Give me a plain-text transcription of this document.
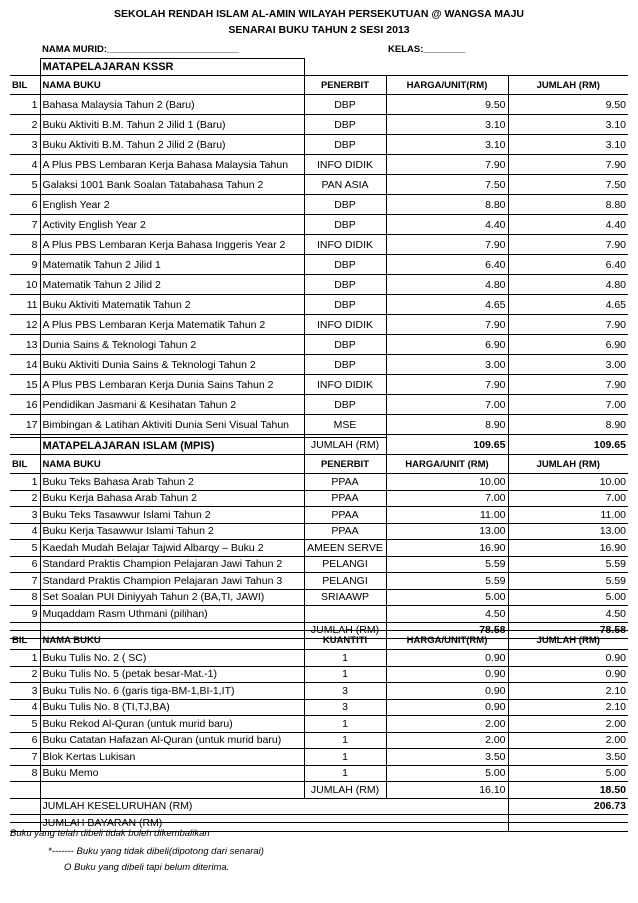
SEKOLAH RENDAH ISLAM AL-AMIN WILAYAH PERSEKUTUAN @ WANGSA MAJU
SENARAI BUKU TAHUN 2 SESI 2013
	NAMA MURID:_________________________		KELAS:________	
	MATAPELAJARAN KSSR			
BIL	NAMA BUKU	PENERBIT	HARGA/UNIT(RM)	JUMLAH (RM)
1	Bahasa Malaysia Tahun 2 (Baru)	DBP	9.50	9.50
2	Buku Aktiviti B.M. Tahun 2 Jilid 1 (Baru)	DBP	3.10	3.10
3	Buku Aktiviti B.M. Tahun 2 Jilid 2 (Baru)	DBP	3.10	3.10
4	A Plus PBS Lembaran Kerja Bahasa Malaysia Tahun	INFO DIDIK	7.90	7.90
5	Galaksi 1001 Bank Soalan Tatabahasa Tahun 2	PAN ASIA	7.50	7.50
6	English Year 2	DBP	8.80	8.80
7	Activity English Year 2	DBP	4.40	4.40
8	A Plus PBS Lembaran Kerja Bahasa Inggeris Year 2	INFO DIDIK	7.90	7.90
9	Matematik Tahun 2 Jilid 1	DBP	6.40	6.40
10	Matematik Tahun 2 Jilid 2	DBP	4.80	4.80
11	Buku Aktiviti Matematik Tahun 2	DBP	4.65	4.65
12	A Plus PBS Lembaran Kerja Matematik Tahun 2	INFO DIDIK	7.90	7.90
13	Dunia Sains & Teknologi Tahun 2	DBP	6.90	6.90
14	Buku Aktiviti Dunia Sains & Teknologi Tahun 2	DBP	3.00	3.00
15	A Plus PBS Lembaran Kerja Dunia Sains Tahun 2	INFO DIDIK	7.90	7.90
16	Pendidikan Jasmani & Kesihatan Tahun 2	DBP	7.00	7.00
17	Bimbingan & Latihan Aktiviti Dunia Seni Visual Tahun	MSE	8.90	8.90
		JUMLAH (RM)	109.65	109.65
	MATAPELAJARAN ISLAM (MPIS)			
BIL	NAMA BUKU	PENERBIT	HARGA/UNIT (RM)	JUMLAH (RM)
1	Buku Teks Bahasa Arab Tahun 2	PPAA	10.00	10.00
2	Buku Kerja Bahasa Arab Tahun 2	PPAA	7.00	7.00
3	Buku Teks Tasawwur Islami Tahun 2	PPAA	11.00	11.00
4	Buku Kerja Tasawwur Islami Tahun 2	PPAA	13.00	13.00
5	Kaedah Mudah Belajar Tajwid Albarqy – Buku 2	AMEEN SERVE	16.90	16.90
6	Standard Praktis Champion Pelajaran Jawi Tahun 2	PELANGI	5.59	5.59
7	Standard Praktis Champion Pelajaran Jawi Tahun 3	PELANGI	5.59	5.59
8	Set Soalan PUI Diniyyah Tahun 2 (BA,TI, JAWI)	SRIAAWP	5.00	5.00
9	Muqaddam Rasm Uthmani (pilihan)		4.50	4.50
		JUMLAH (RM)	78.58	78.58
BIL	NAMA BUKU	KUANTITI	HARGA/UNIT(RM)	JUMLAH (RM)
1	Buku Tulis No. 2 ( SC)	1	0.90	0.90
2	Buku Tulis No. 5 (petak besar-Mat.-1)	1	0.90	0.90
3	Buku Tulis No. 6 (garis tiga-BM-1,BI-1,IT)	3	0.90	2.10
4	Buku Tulis No. 8 (TI,TJ,BA)	3	0.90	2.10
5	Buku Rekod Al-Quran (untuk murid baru)	1	2.00	2.00
6	Buku Catatan Hafazan Al-Quran (untuk murid baru)	1	2.00	2.00
7	Blok Kertas Lukisan	1	3.50	3.50
8	Buku Memo	1	5.00	5.00
		JUMLAH (RM)	16.10	18.50
	JUMLAH KESELURUHAN (RM)			206.73
	JUMLAH BAYARAN (RM)			
Buku yang telah dibeli tidak boleh dikembalikan
*------- Buku yang tidak dibeli(dipotong dari senarai)
O Buku yang dibeli tapi belum diterima.
